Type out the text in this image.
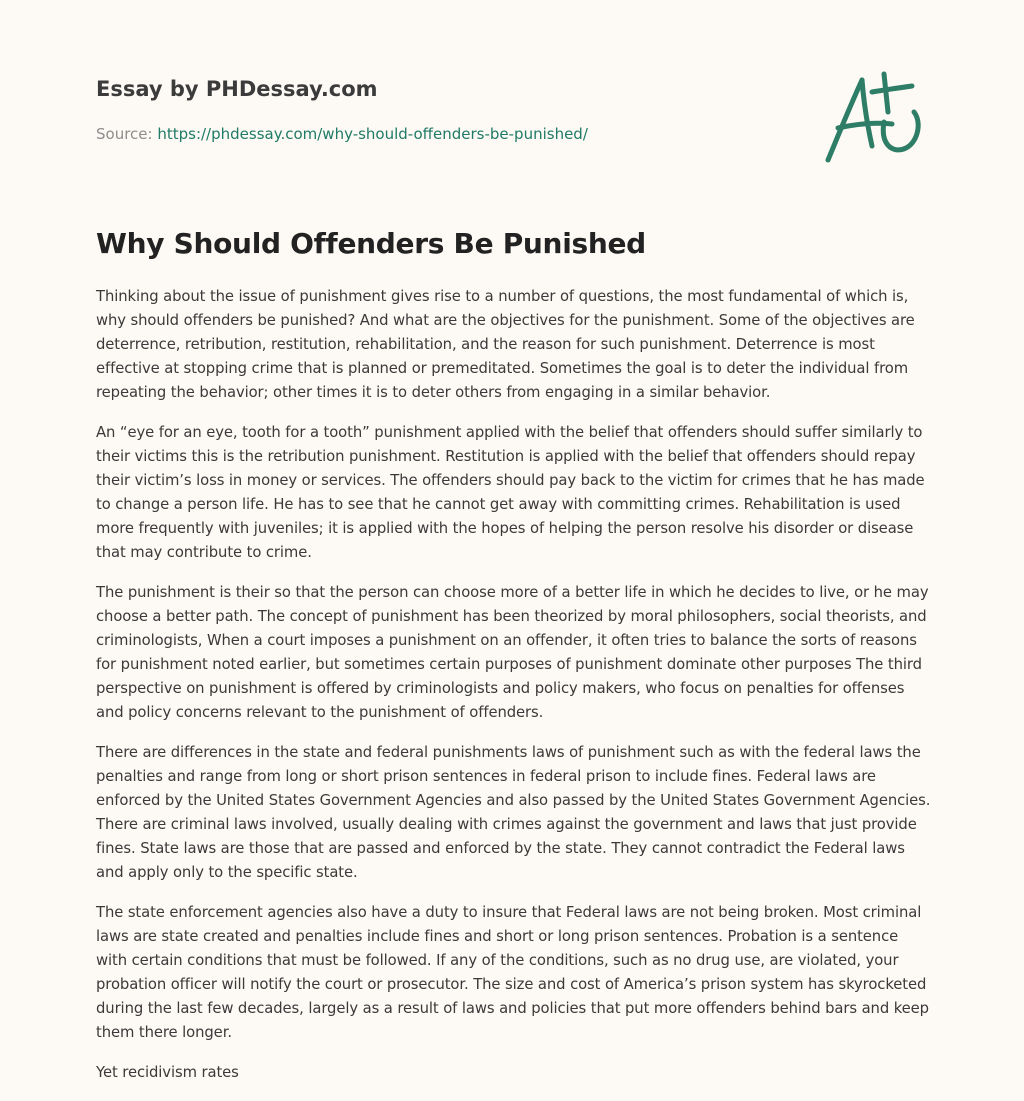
Essay by PHDessay.com
Source: https://phdessay.com/why-should-offenders-be-punished/
Why Should Offenders Be Punished

Thinking about the issue of punishment gives rise to a number of questions, the most fundamental of which is, why should offenders be punished? And what are the objectives for the punishment. Some of the objectives are deterrence, retribution, restitution, rehabilitation, and the reason for such punishment. Deterrence is most effective at stopping crime that is planned or premeditated. Sometimes the goal is to deter the individual from repeating the behavior; other times it is to deter others from engaging in a similar behavior.

An “eye for an eye, tooth for a tooth” punishment applied with the belief that offenders should suffer similarly to their victims this is the retribution punishment. Restitution is applied with the belief that offenders should repay their victim’s loss in money or services. The offenders should pay back to the victim for crimes that he has made to change a person life. He has to see that he cannot get away with committing crimes. Rehabilitation is used more frequently with juveniles; it is applied with the hopes of helping the person resolve his disorder or disease that may contribute to crime.

The punishment is their so that the person can choose more of a better life in which he decides to live, or he may choose a better path. The concept of punishment has been theorized by moral philosophers, social theorists, and criminologists, When a court imposes a punishment on an offender, it often tries to balance the sorts of reasons for punishment noted earlier, but sometimes certain purposes of punishment dominate other purposes The third perspective on punishment is offered by criminologists and policy makers, who focus on penalties for offenses and policy concerns relevant to the punishment of offenders.

There are differences in the state and federal punishments laws of punishment such as with the federal laws the penalties and range from long or short prison sentences in federal prison to include fines. Federal laws are enforced by the United States Government Agencies and also passed by the United States Government Agencies. There are criminal laws involved, usually dealing with crimes against the government and laws that just provide fines. State laws are those that are passed and enforced by the state. They cannot contradict the Federal laws and apply only to the specific state.

The state enforcement agencies also have a duty to insure that Federal laws are not being broken. Most criminal laws are state created and penalties include fines and short or long prison sentences. Probation is a sentence with certain conditions that must be followed. If any of the conditions, such as no drug use, are violated, your probation officer will notify the court or prosecutor. The size and cost of America’s prison system has skyrocketed during the last few decades, largely as a result of laws and policies that put more offenders behind bars and keep them there longer.

Yet recidivism rates
